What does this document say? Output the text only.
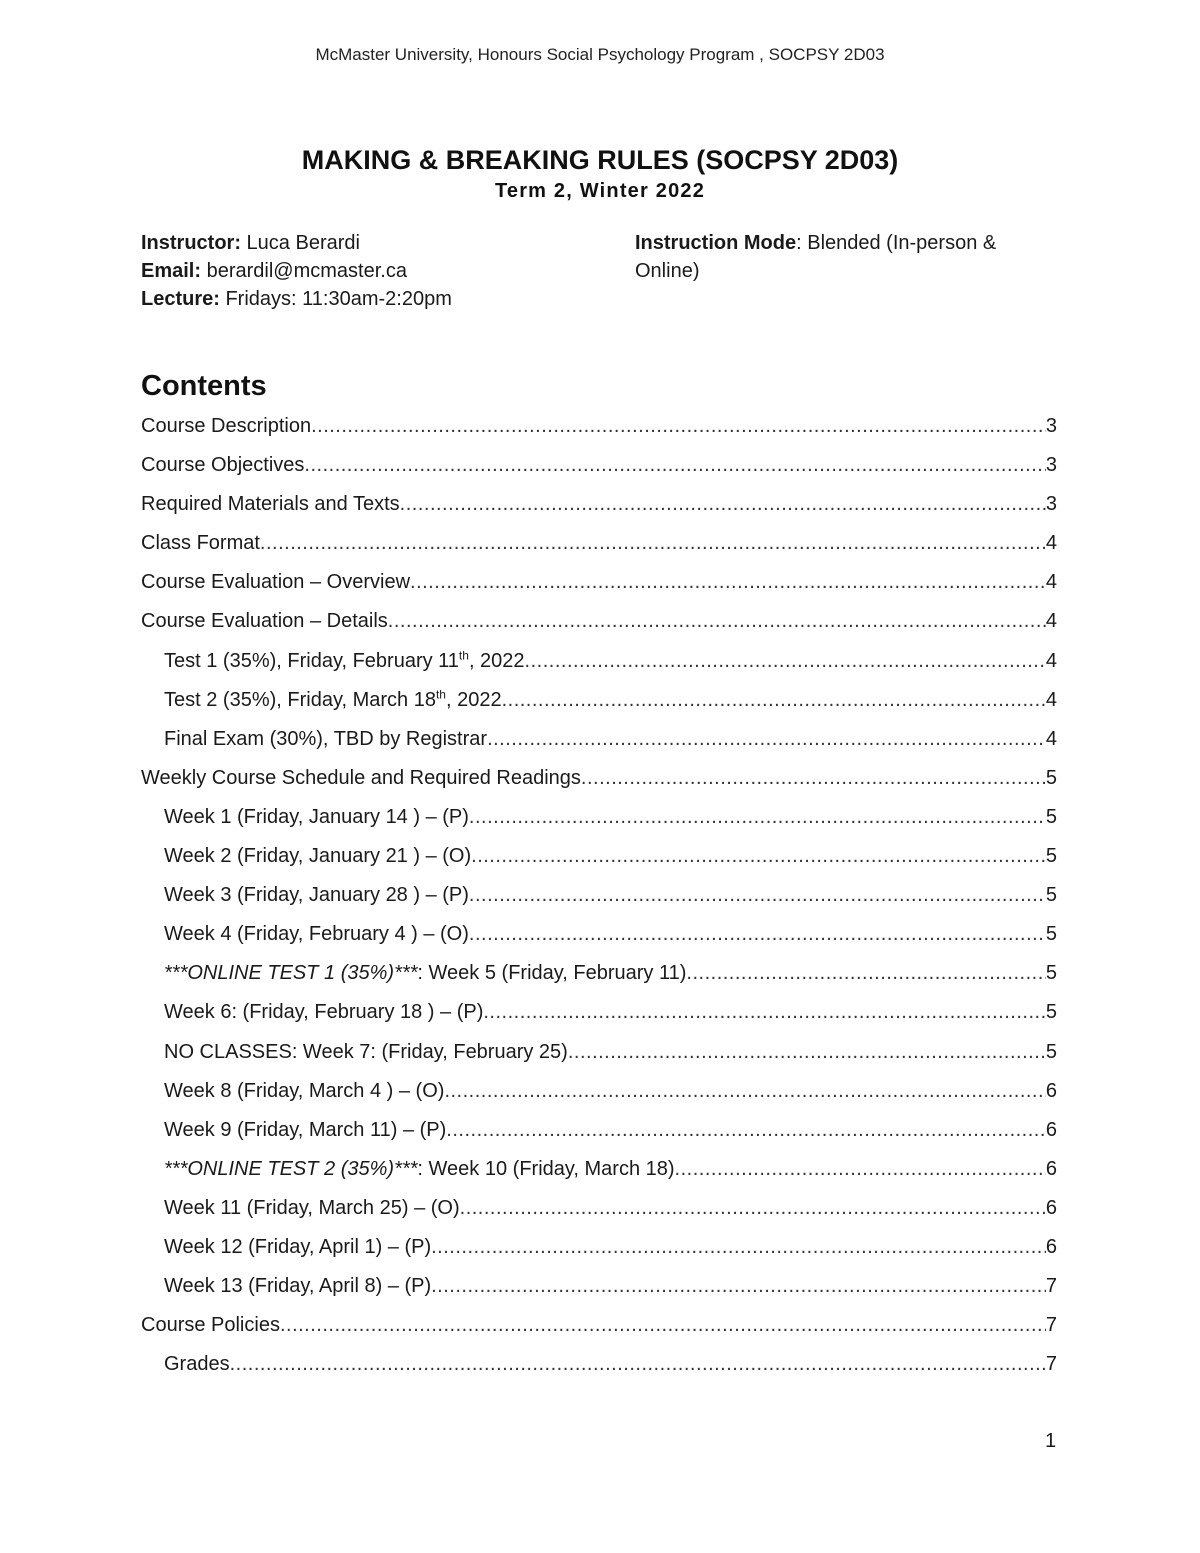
McMaster University, Honours Social Psychology Program , SOCPSY 2D03
MAKING & BREAKING RULES (SOCPSY 2D03)
Term 2, Winter 2022
Instructor: Luca Berardi
Email: berardil@mcmaster.ca
Lecture: Fridays: 11:30am-2:20pm
Instruction Mode: Blended (In-person & Online)
Contents
Course Description .....	3
Course Objectives .....	3
Required Materials and Texts .....	3
Class Format .....	4
Course Evaluation – Overview .....	4
Course Evaluation – Details .....	4
Test 1 (35%), Friday, February 11th, 2022 .....	4
Test 2 (35%), Friday, March 18th, 2022 .....	4
Final Exam (30%), TBD by Registrar .....	4
Weekly Course Schedule and Required Readings .....	5
Week 1 (Friday, January 14 ) – (P) .....	5
Week 2 (Friday, January 21 ) – (O) .....	5
Week 3 (Friday, January 28 ) – (P) .....	5
Week 4 (Friday, February 4 ) – (O) .....	5
***ONLINE TEST 1 (35%)***: Week 5 (Friday, February 11) .....	5
Week 6: (Friday, February 18 ) – (P) .....	5
NO CLASSES: Week 7: (Friday, February 25) .....	5
Week 8 (Friday, March 4 ) – (O) .....	6
Week 9 (Friday, March 11) – (P) .....	6
***ONLINE TEST 2 (35%)***: Week 10 (Friday, March 18) .....	6
Week 11 (Friday, March 25) – (O) .....	6
Week 12 (Friday, April 1) – (P) .....	6
Week 13 (Friday, April 8) – (P) .....	7
Course Policies .....	7
Grades .....	7
1
